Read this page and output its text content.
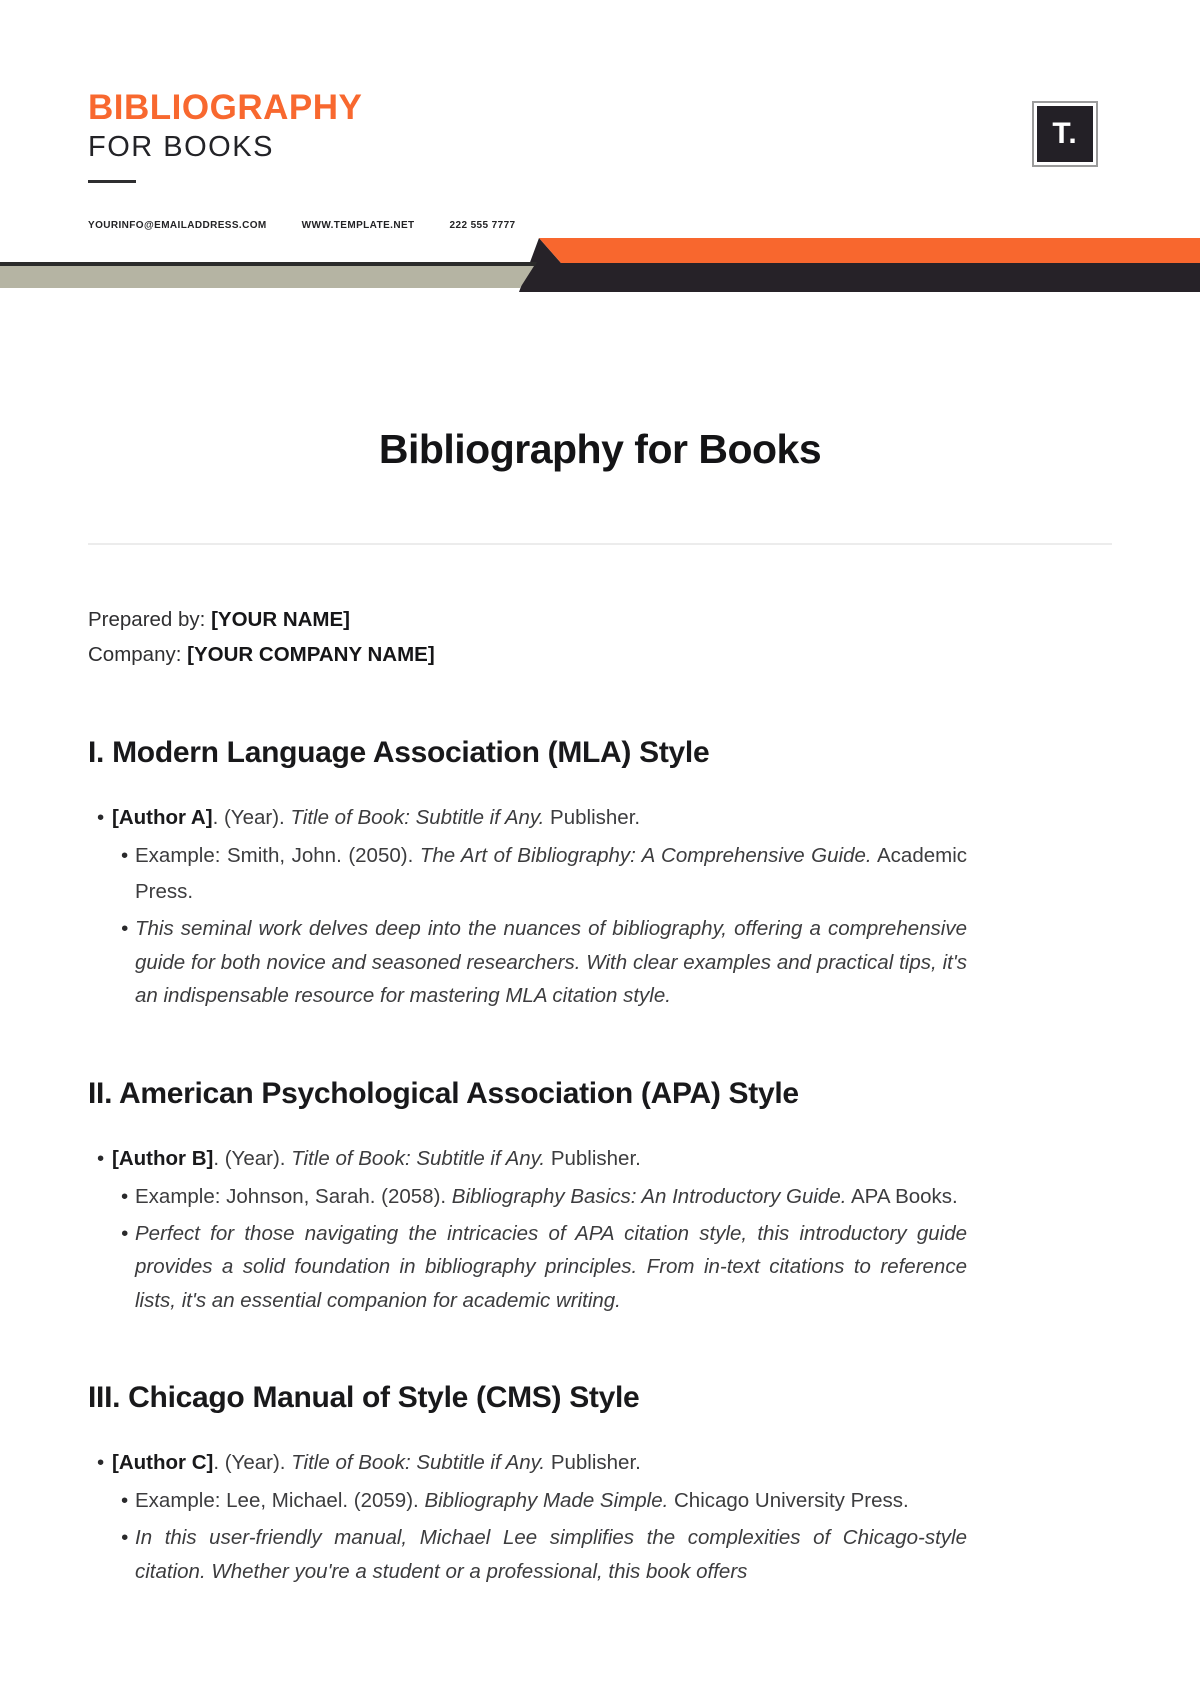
BIBLIOGRAPHY
FOR BOOKS	T.
YOURINFO@EMAILADDRESS.COM	WWW.TEMPLATE.NET	222 555 7777
Bibliography for Books
Prepared by: [YOUR NAME]
Company: [YOUR COMPANY NAME]
I. Modern Language Association (MLA) Style
• [Author A]. (Year). Title of Book: Subtitle if Any. Publisher.
• Example: Smith, John. (2050). The Art of Bibliography: A Comprehensive Guide. Academic Press.
• This seminal work delves deep into the nuances of bibliography, offering a comprehensive guide for both novice and seasoned researchers. With clear examples and practical tips, it's an indispensable resource for mastering MLA citation style.
II. American Psychological Association (APA) Style
• [Author B]. (Year). Title of Book: Subtitle if Any. Publisher.
• Example: Johnson, Sarah. (2058). Bibliography Basics: An Introductory Guide. APA Books.
• Perfect for those navigating the intricacies of APA citation style, this introductory guide provides a solid foundation in bibliography principles. From in-text citations to reference lists, it's an essential companion for academic writing.
III. Chicago Manual of Style (CMS) Style
• [Author C]. (Year). Title of Book: Subtitle if Any. Publisher.
• Example: Lee, Michael. (2059). Bibliography Made Simple. Chicago University Press.
• In this user-friendly manual, Michael Lee simplifies the complexities of Chicago-style citation. Whether you're a student or a professional, this book offers
